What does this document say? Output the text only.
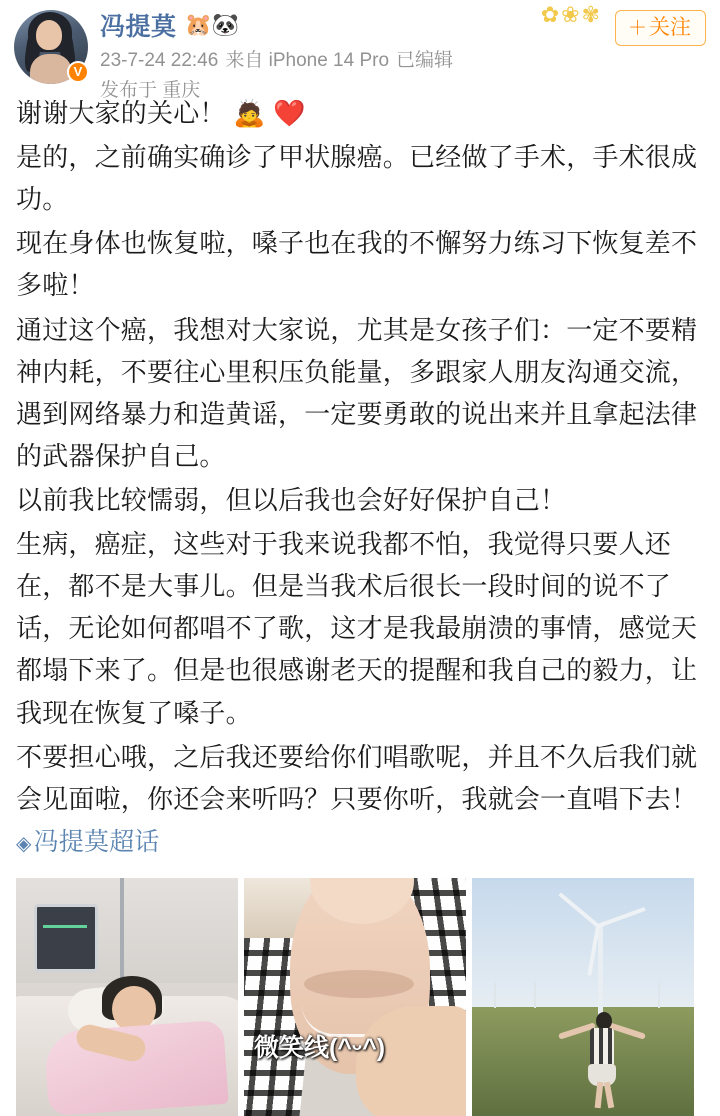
V
冯提莫 🐹🐼
23-7-24 22:46 来自 iPhone 14 Pro 已编辑
发布于 重庆
✿❀✾
＋关注

谢谢大家的关心！ 🙇 ❤️

是的，之前确实确诊了甲状腺癌。已经做了手术，手术很成功。

现在身体也恢复啦，嗓子也在我的不懈努力练习下恢复差不多啦！

通过这个癌，我想对大家说，尤其是女孩子们：一定不要精神内耗，不要往心里积压负能量，多跟家人朋友沟通交流，遇到网络暴力和造黄谣，一定要勇敢的说出来并且拿起法律的武器保护自己。

以前我比较懦弱，但以后我也会好好保护自己！

生病，癌症，这些对于我来说我都不怕，我觉得只要人还在，都不是大事儿。但是当我术后很长一段时间的说不了话，无论如何都唱不了歌，这才是我最崩溃的事情，感觉天都塌下来了。但是也很感谢老天的提醒和我自己的毅力，让我现在恢复了嗓子。

不要担心哦，之后我还要给你们唱歌呢，并且不久后我们就会见面啦，你还会来听吗？只要你听，我就会一直唱下去！ ◈冯提莫超话

微笑线(^ᵕ^)
